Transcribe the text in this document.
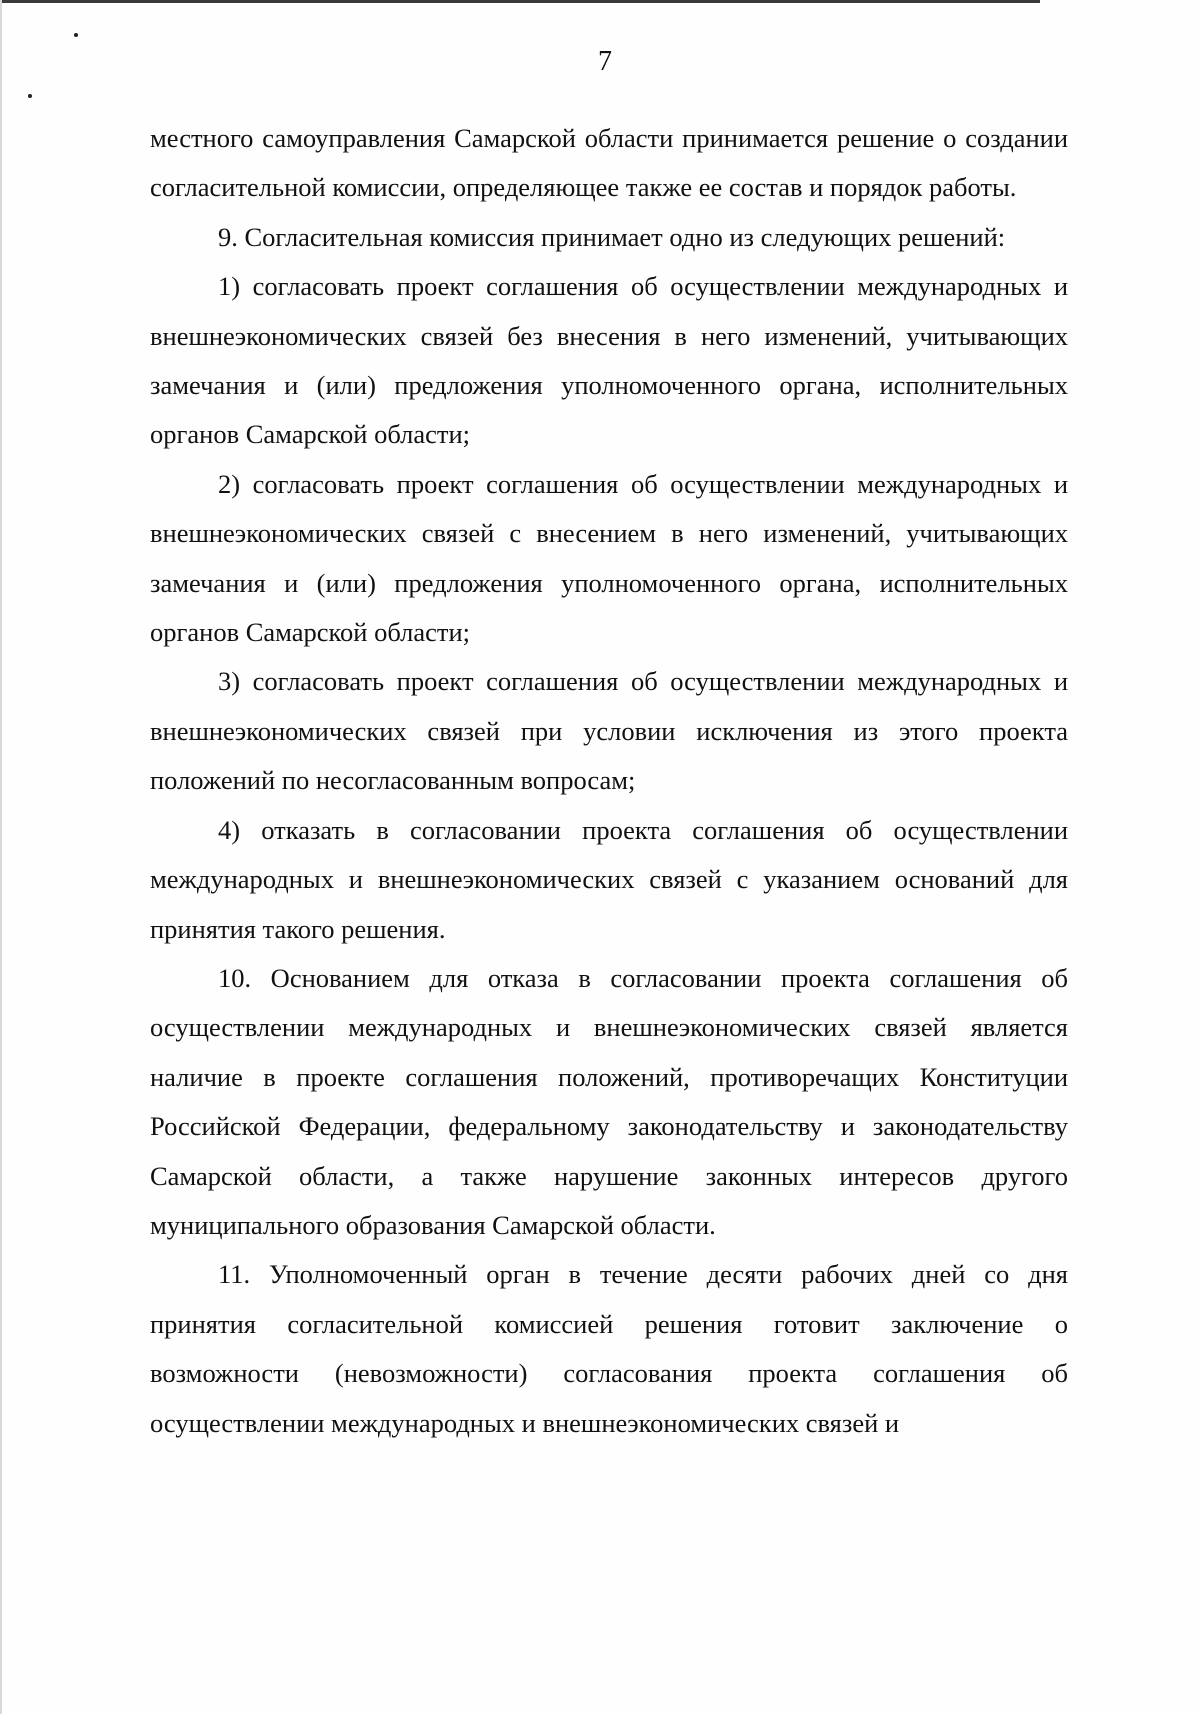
7

местного самоуправления Самарской области принимается решение о создании согласительной комиссии, определяющее также ее состав и порядок работы.

9. Согласительная комиссия принимает одно из следующих решений:

1) согласовать проект соглашения об осуществлении международных и внешнеэкономических связей без внесения в него изменений, учитывающих замечания и (или) предложения уполномоченного органа, исполнительных органов Самарской области;

2) согласовать проект соглашения об осуществлении международных и внешнеэкономических связей с внесением в него изменений, учитывающих замечания и (или) предложения уполномоченного органа, исполнительных органов Самарской области;

3) согласовать проект соглашения об осуществлении международных и внешнеэкономических связей при условии исключения из этого проекта положений по несогласованным вопросам;

4) отказать в согласовании проекта соглашения об осуществлении международных и внешнеэкономических связей с указанием оснований для принятия такого решения.

10. Основанием для отказа в согласовании проекта соглашения об осуществлении международных и внешнеэкономических связей является наличие в проекте соглашения положений, противоречащих Конституции Российской Федерации, федеральному законодательству и законодательству Самарской области, а также нарушение законных интересов другого муниципального образования Самарской области.

11. Уполномоченный орган в течение десяти рабочих дней со дня принятия согласительной комиссией решения готовит заключение о возможности (невозможности) согласования проекта соглашения об осуществлении международных и внешнеэкономических связей и
